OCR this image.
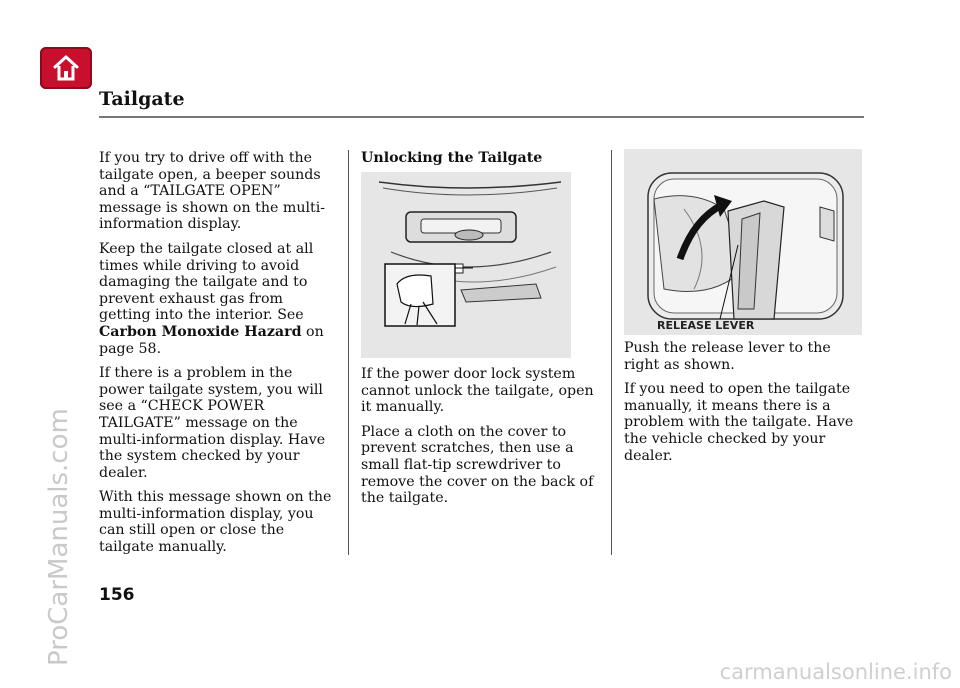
Tailgate

If you try to drive off with the tailgate open, a beeper sounds and a “TAILGATE OPEN” message is shown on the multi-information display.

Keep the tailgate closed at all times while driving to avoid damaging the tailgate and to prevent exhaust gas from getting into the interior. See Carbon Monoxide Hazard on page 58.

If there is a problem in the power tailgate system, you will see a “CHECK POWER TAILGATE” message on the multi-information display. Have the system checked by your dealer.

With this message shown on the multi-information display, you can still open or close the tailgate manually.

Unlocking the Tailgate

If the power door lock system cannot unlock the tailgate, open it manually.

Place a cloth on the cover to prevent scratches, then use a small flat-tip screwdriver to remove the cover on the back of the tailgate.

RELEASE LEVER

Push the release lever to the right as shown.

If you need to open the tailgate manually, it means there is a problem with the tailgate. Have the vehicle checked by your dealer.

156
ProCarManuals.com
carmanualsonline.info
